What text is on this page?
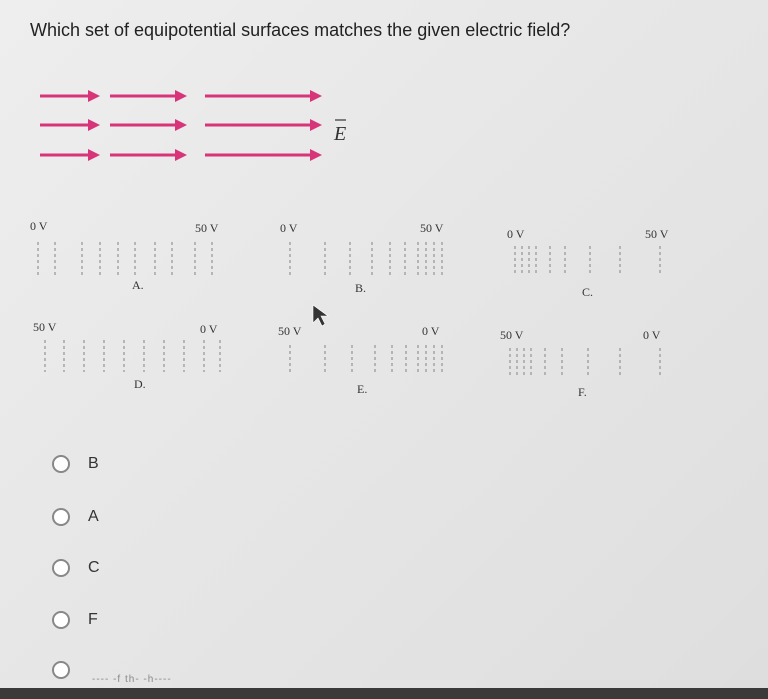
Which set of equipotential surfaces matches the given electric field?
E
0 V	50 V
A.
0 V	50 V
B.
0 V	50 V
C.
50 V	0 V
D.
50 V	0 V
E.
50 V	0 V
F.
B
A
C
F
---- -f th- -h----
